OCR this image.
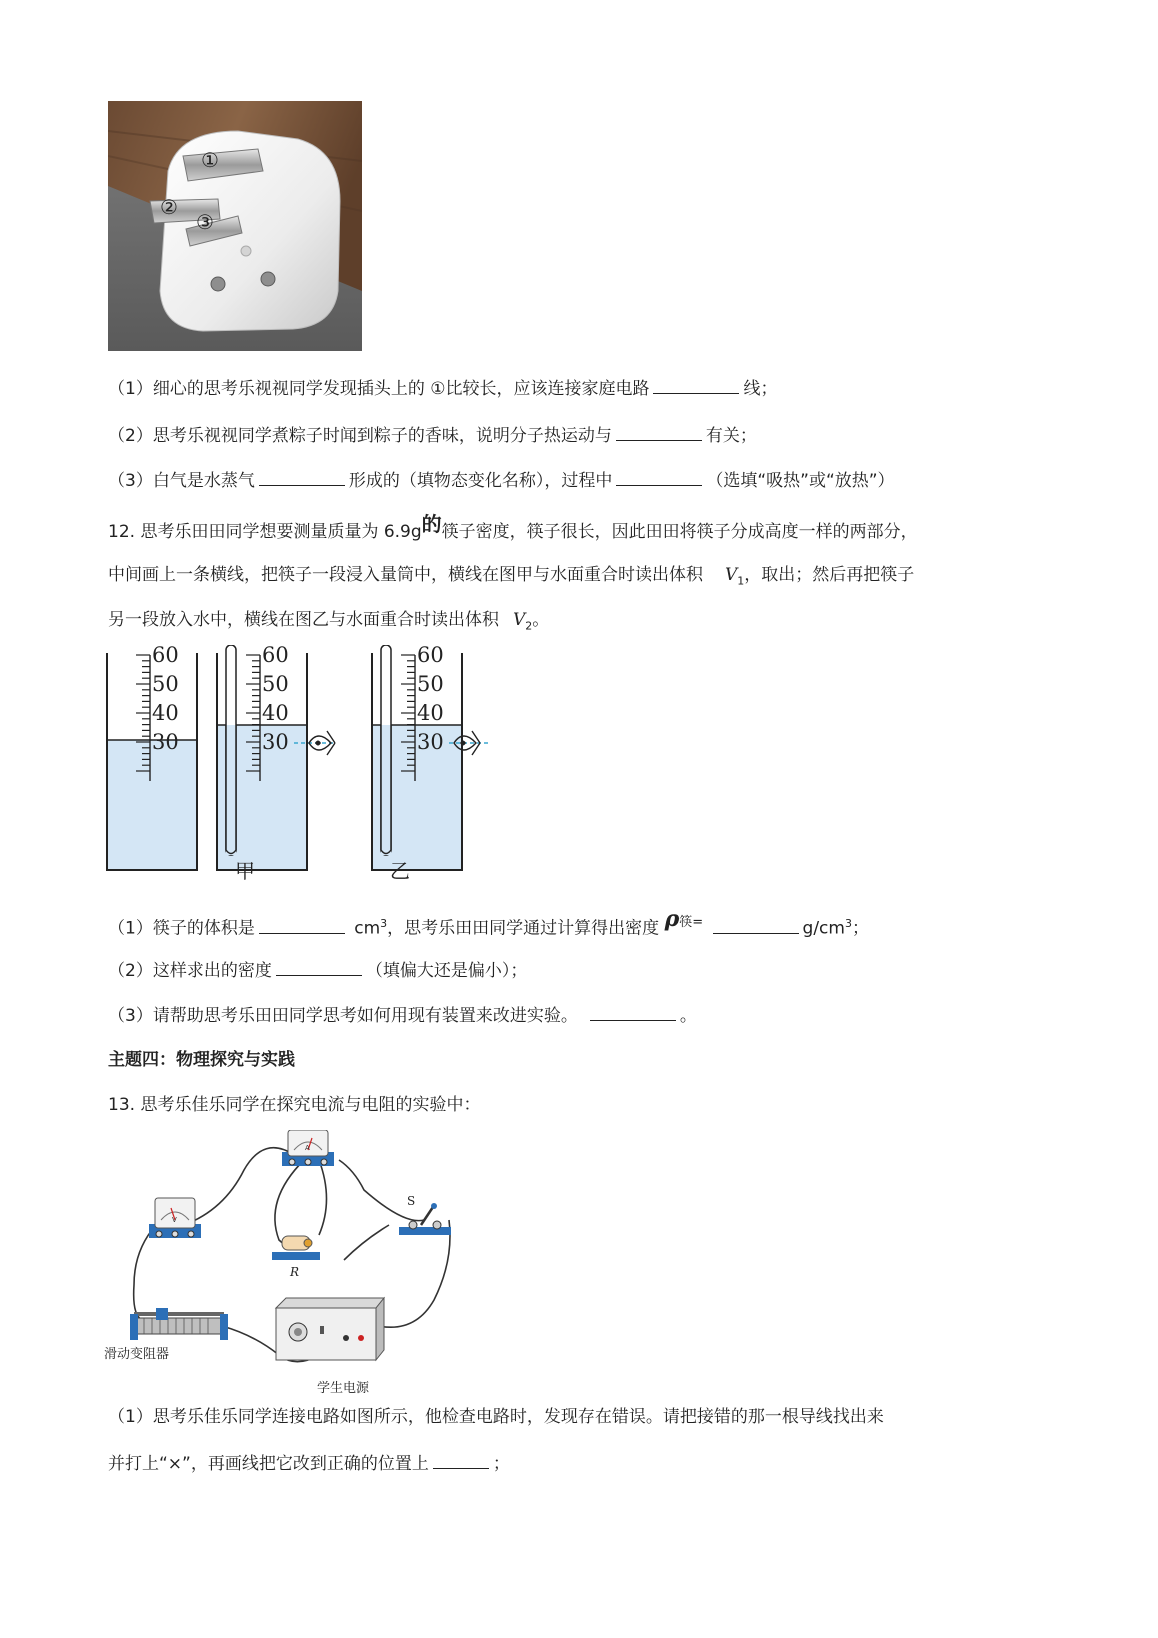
①
②
③
（1）细心的思考乐视视同学发现插头上的 ①比较长，应该连接家庭电路	线；
（2）思考乐视视同学煮粽子时闻到粽子的香味，说明分子热运动与	有关；
（3）白气是水蒸气	形成的（填物态变化名称），过程中	（选填“吸热”或“放热”）
12. 思考乐田田同学想要测量质量为 6.9g的筷子密度，筷子很长，因此田田将筷子分成高度一样的两部分，
中间画上一条横线，把筷子一段浸入量筒中，横线在图甲与水面重合时读出体积 $V_1$，取出；然后再把筷子
另一段放入水中，横线在图乙与水面重合时读出体积 $V_2$。
60
50
40
30
60
50
40
30
60
50
40
30
甲	乙
（1）筷子的体积是	$cm^3$，思考乐田田同学通过计算得出密度 ρ筷=	$g/cm^3$；
（2）这样求出的密度	（填偏大还是偏小）；
（3）请帮助思考乐田田同学思考如何用现有装置来改进实验。	。
主题四：物理探究与实践
13. 思考乐佳乐同学在探究电流与电阻的实验中：
A
V
R
S
滑动变阻器
学生电源
（1）思考乐佳乐同学连接电路如图所示，他检查电路时，发现存在错误。请把接错的那一根导线找出来
并打上“×”，再画线把它改到正确的位置上	；
